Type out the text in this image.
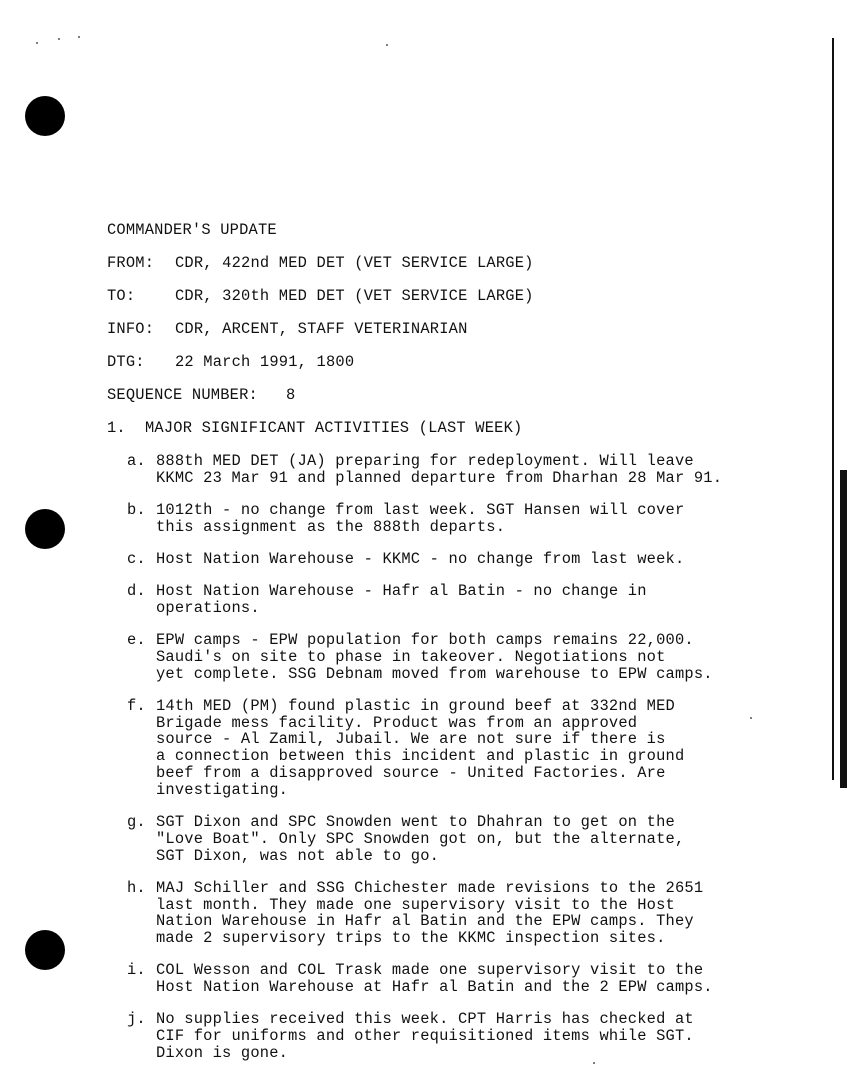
COMMANDER'S UPDATE
FROM: CDR, 422nd MED DET (VET SERVICE LARGE)
TO:	CDR, 320th MED DET (VET SERVICE LARGE)
INFO: CDR, ARCENT, STAFF VETERINARIAN
DTG: 22 March 1991, 1800
SEQUENCE NUMBER: 8
1. MAJOR SIGNIFICANT ACTIVITIES (LAST WEEK)
a. 888th MED DET (JA) preparing for redeployment. Will leave
KKMC 23 Mar 91 and planned departure from Dharhan 28 Mar 91.
b. 1012th - no change from last week. SGT Hansen will cover
this assignment as the 888th departs.
c. Host Nation Warehouse - KKMC - no change from last week.
d. Host Nation Warehouse - Hafr al Batin - no change in
operations.
e. EPW camps - EPW population for both camps remains 22,000.
Saudi's on site to phase in takeover. Negotiations not
yet complete. SSG Debnam moved from warehouse to EPW camps.
f. 14th MED (PM) found plastic in ground beef at 332nd MED
Brigade mess facility. Product was from an approved
source - Al Zamil, Jubail. We are not sure if there is
a connection between this incident and plastic in ground
beef from a disapproved source - United Factories. Are
investigating.
g. SGT Dixon and SPC Snowden went to Dhahran to get on the
"Love Boat". Only SPC Snowden got on, but the alternate,
SGT Dixon, was not able to go.
h. MAJ Schiller and SSG Chichester made revisions to the 2651
last month. They made one supervisory visit to the Host
Nation Warehouse in Hafr al Batin and the EPW camps. They
made 2 supervisory trips to the KKMC inspection sites.
i. COL Wesson and COL Trask made one supervisory visit to the
Host Nation Warehouse at Hafr al Batin and the 2 EPW camps.
j. No supplies received this week. CPT Harris has checked at
CIF for uniforms and other requisitioned items while SGT.
Dixon is gone.
